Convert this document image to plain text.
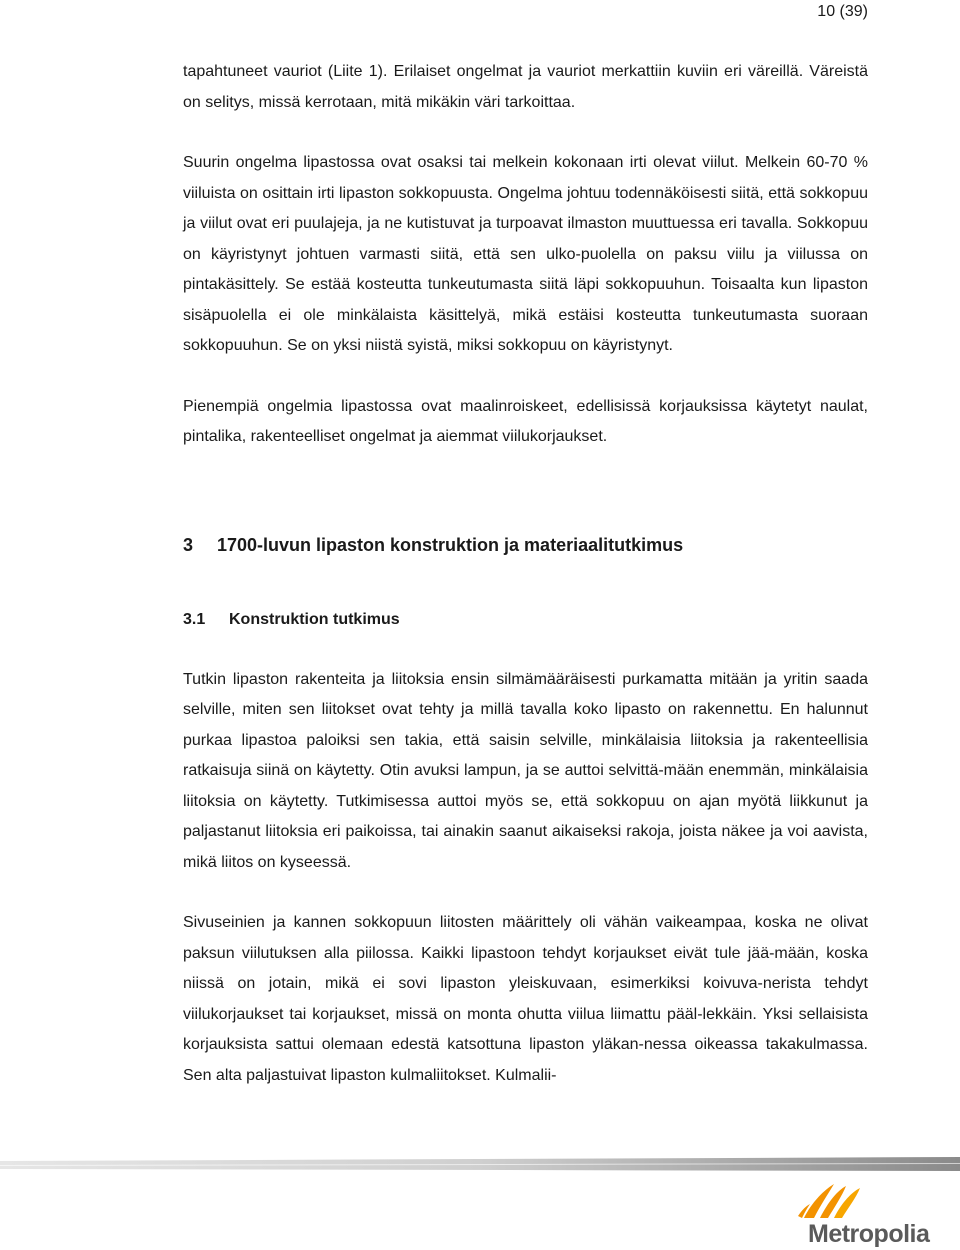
10 (39)

tapahtuneet vauriot (Liite 1). Erilaiset ongelmat ja vauriot merkattiin kuviin eri väreillä. Väreistä on selitys, missä kerrotaan, mitä mikäkin väri tarkoittaa.

Suurin ongelma lipastossa ovat osaksi tai melkein kokonaan irti olevat viilut. Melkein 60-70 % viiluista on osittain irti lipaston sokkopuusta. Ongelma johtuu todennäköisesti siitä, että sokkopuu ja viilut ovat eri puulajeja, ja ne kutistuvat ja turpoavat ilmaston muuttuessa eri tavalla. Sokkopuu on käyristynyt johtuen varmasti siitä, että sen ulko-puolella on paksu viilu ja viilussa on pintakäsittely. Se estää kosteutta tunkeutumasta siitä läpi sokkopuuhun. Toisaalta kun lipaston sisäpuolella ei ole minkälaista käsittelyä, mikä estäisi kosteutta tunkeutumasta suoraan sokkopuuhun. Se on yksi niistä syistä, miksi sokkopuu on käyristynyt.

Pienempiä ongelmia lipastossa ovat maalinroiskeet, edellisissä korjauksissa käytetyt naulat, pintalika, rakenteelliset ongelmat ja aiemmat viilukorjaukset.

3	1700-luvun lipaston konstruktion ja materiaalitutkimus
3.1	Konstruktion tutkimus

Tutkin lipaston rakenteita ja liitoksia ensin silmämääräisesti purkamatta mitään ja yritin saada selville, miten sen liitokset ovat tehty ja millä tavalla koko lipasto on rakennettu. En halunnut purkaa lipastoa paloiksi sen takia, että saisin selville, minkälaisia liitoksia ja rakenteellisia ratkaisuja siinä on käytetty. Otin avuksi lampun, ja se auttoi selvittä-mään enemmän, minkälaisia liitoksia on käytetty. Tutkimisessa auttoi myös se, että sokkopuu on ajan myötä liikkunut ja paljastanut liitoksia eri paikoissa, tai ainakin saanut aikaiseksi rakoja, joista näkee ja voi aavista, mikä liitos on kyseessä.

Sivuseinien ja kannen sokkopuun liitosten määrittely oli vähän vaikeampaa, koska ne olivat paksun viilutuksen alla piilossa. Kaikki lipastoon tehdyt korjaukset eivät tule jää-mään, koska niissä on jotain, mikä ei sovi lipaston yleiskuvaan, esimerkiksi koivuva-nerista tehdyt viilukorjaukset tai korjaukset, missä on monta ohutta viilua liimattu pääl-lekkäin. Yksi sellaisista korjauksista sattui olemaan edestä katsottuna lipaston yläkan-nessa oikeassa takakulmassa. Sen alta paljastuivat lipaston kulmaliitokset. Kulmalii-

Metropolia
